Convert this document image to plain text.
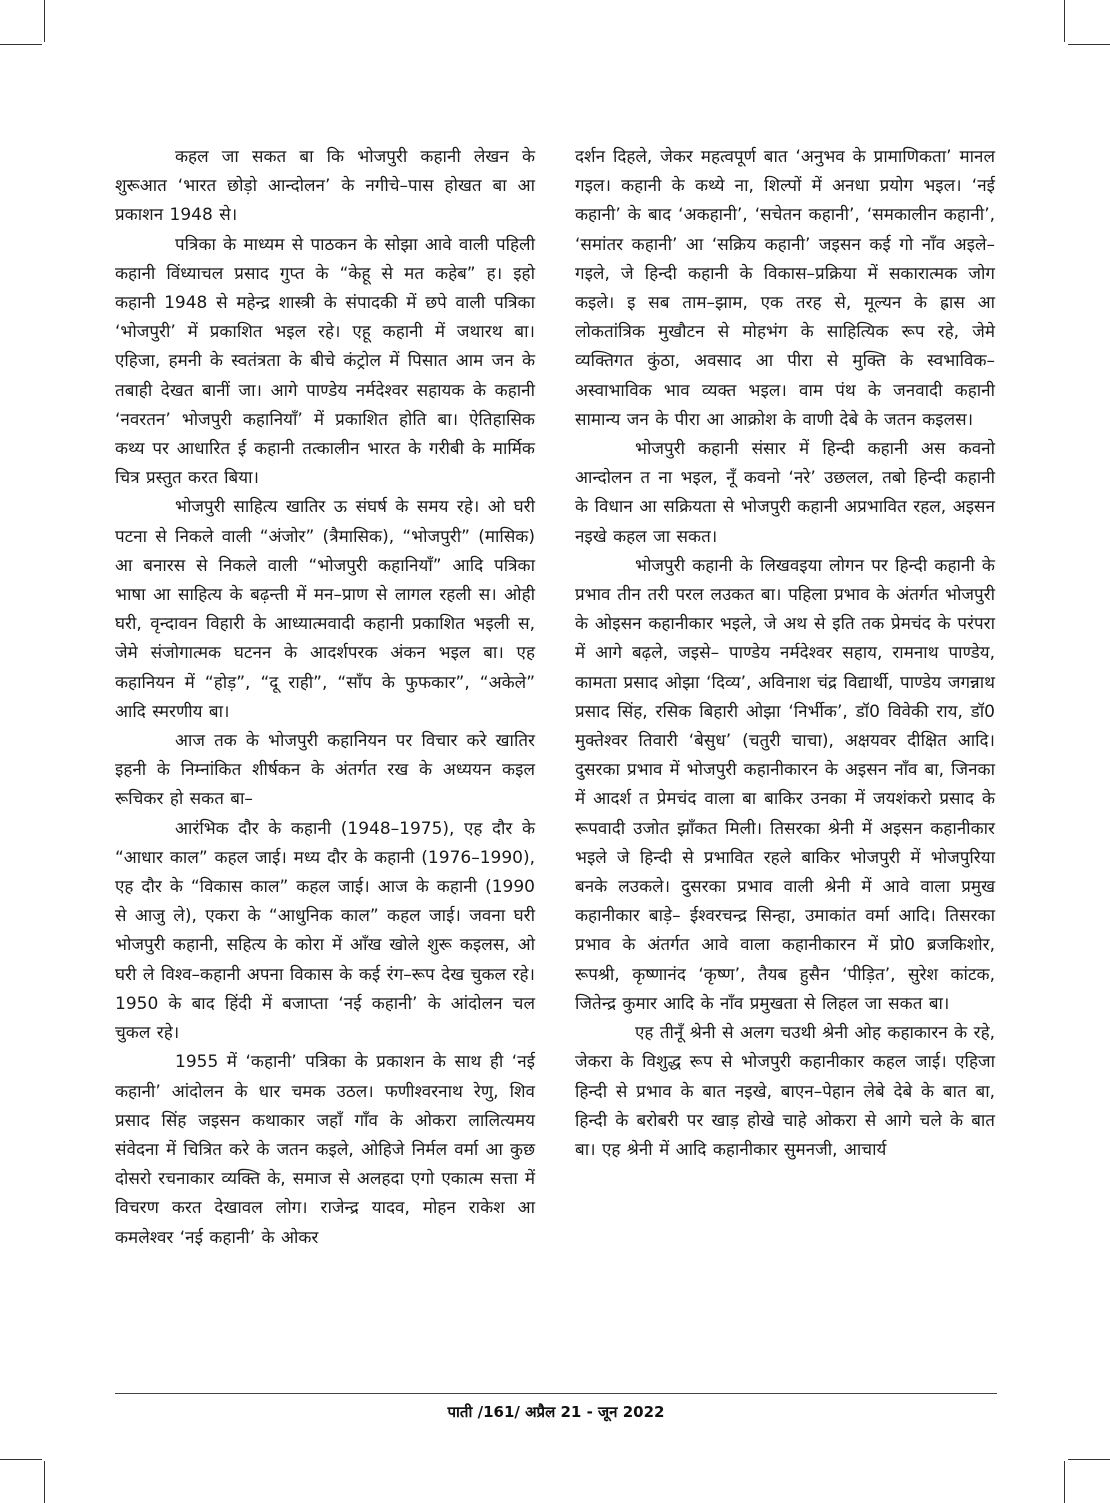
कहल जा सकत बा कि भोजपुरी कहानी लेखन के शुरूआत ‘भारत छोड़ो आन्दोलन’ के नगीचे–पास होखत बा आ प्रकाशन 1948 से।

पत्रिका के माध्यम से पाठकन के सोझा आवे वाली पहिली कहानी विंध्याचल प्रसाद गुप्त के “केहू से मत कहेब” ह। इहो कहानी 1948 से महेन्द्र शास्त्री के संपादकी में छपे वाली पत्रिका ‘भोजपुरी’ में प्रकाशित भइल रहे। एहू कहानी में जथारथ बा। एहिजा, हमनी के स्वतंत्रता के बीचे कंट्रोल में पिसात आम जन के तबाही देखत बानीं जा। आगे पाण्डेय नर्मदेश्वर सहायक के कहानी ‘नवरतन’ भोजपुरी कहानियाँ’ में प्रकाशित होति बा। ऐतिहासिक कथ्य पर आधारित ई कहानी तत्कालीन भारत के गरीबी के मार्मिक चित्र प्रस्तुत करत बिया।

भोजपुरी साहित्य खातिर ऊ संघर्ष के समय रहे। ओ घरी पटना से निकले वाली “अंजोर” (त्रैमासिक), “भोजपुरी” (मासिक) आ बनारस से निकले वाली “भोजपुरी कहानियाँ” आदि पत्रिका भाषा आ साहित्य के बढ़न्ती में मन–प्राण से लागल रहली स। ओही घरी, वृन्दावन विहारी के आध्यात्मवादी कहानी प्रकाशित भइली स, जेमे संजोगात्मक घटनन के आदर्शपरक अंकन भइल बा। एह कहानियन में “होड़”, “दू राही”, “साँप के फुफकार”, “अकेले” आदि स्मरणीय बा।

आज तक के भोजपुरी कहानियन पर विचार करे खातिर इहनी के निम्नांकित शीर्षकन के अंतर्गत रख के अध्ययन कइल रूचिकर हो सकत बा–

आरंभिक दौर के कहानी (1948–1975), एह दौर के “आधार काल” कहल जाई। मध्य दौर के कहानी (1976–1990), एह दौर के “विकास काल” कहल जाई। आज के कहानी (1990 से आजु ले), एकरा के “आधुनिक काल” कहल जाई। जवना घरी भोजपुरी कहानी, सहित्य के कोरा में आँख खोले शुरू कइलस, ओ घरी ले विश्व–कहानी अपना विकास के कई रंग–रूप देख चुकल रहे। 1950 के बाद हिंदी में बजाप्ता ‘नई कहानी’ के आंदोलन चल चुकल रहे।

1955 में ‘कहानी’ पत्रिका के प्रकाशन के साथ ही ‘नई कहानी’ आंदोलन के धार चमक उठल। फणीश्वरनाथ रेणु, शिव प्रसाद सिंह जइसन कथाकार जहाँ गाँव के ओकरा लालित्यमय संवेदना में चित्रित करे के जतन कइले, ओहिजे निर्मल वर्मा आ कुछ दोसरो रचनाकार व्यक्ति के, समाज से अलहदा एगो एकात्म सत्ता में विचरण करत देखावल लोग। राजेन्द्र यादव, मोहन राकेश आ कमलेश्वर ‘नई कहानी’ के ओकर

दर्शन दिहले, जेकर महत्वपूर्ण बात ‘अनुभव के प्रामाणिकता’ मानल गइल। कहानी के कथ्ये ना, शिल्पों में अनधा प्रयोग भइल। ‘नई कहानी’ के बाद ‘अकहानी’, ‘सचेतन कहानी’, ‘समकालीन कहानी’, ‘समांतर कहानी’ आ ‘सक्रिय कहानी’ जइसन कई गो नाँव अइले–गइले, जे हिन्दी कहानी के विकास–प्रक्रिया में सकारात्मक जोग कइले। इ सब ताम–झाम, एक तरह से, मूल्यन के ह्रास आ लोकतांत्रिक मुखौटन से मोहभंग के साहित्यिक रूप रहे, जेमे व्यक्तिगत कुंठा, अवसाद आ पीरा से मुक्ति के स्वभाविक–अस्वाभाविक भाव व्यक्त भइल। वाम पंथ के जनवादी कहानी सामान्य जन के पीरा आ आक्रोश के वाणी देबे के जतन कइलस।

भोजपुरी कहानी संसार में हिन्दी कहानी अस कवनो आन्दोलन त ना भइल, नूँ कवनो ‘नरे’ उछलल, तबो हिन्दी कहानी के विधान आ सक्रियता से भोजपुरी कहानी अप्रभावित रहल, अइसन नइखे कहल जा सकत।

भोजपुरी कहानी के लिखवइया लोगन पर हिन्दी कहानी के प्रभाव तीन तरी परल लउकत बा। पहिला प्रभाव के अंतर्गत भोजपुरी के ओइसन कहानीकार भइले, जे अथ से इति तक प्रेमचंद के परंपरा में आगे बढ़ले, जइसे– पाण्डेय नर्मदेश्वर सहाय, रामनाथ पाण्डेय, कामता प्रसाद ओझा ‘दिव्य’, अविनाश चंद्र विद्यार्थी, पाण्डेय जगन्नाथ प्रसाद सिंह, रसिक बिहारी ओझा ‘निर्भीक’, डॉ0 विवेकी राय, डॉ0 मुक्तेश्वर तिवारी ‘बेसुध’ (चतुरी चाचा), अक्षयवर दीक्षित आदि। दुसरका प्रभाव में भोजपुरी कहानीकारन के अइसन नाँव बा, जिनका में आदर्श त प्रेमचंद वाला बा बाकिर उनका में जयशंकरो प्रसाद के रूपवादी उजोत झाँकत मिली। तिसरका श्रेनी में अइसन कहानीकार भइले जे हिन्दी से प्रभावित रहले बाकिर भोजपुरी में भोजपुरिया बनके लउकले। दुसरका प्रभाव वाली श्रेनी में आवे वाला प्रमुख कहानीकार बाड़े– ईश्वरचन्द्र सिन्हा, उमाकांत वर्मा आदि। तिसरका प्रभाव के अंतर्गत आवे वाला कहानीकारन में प्रो0 ब्रजकिशोर, रूपश्री, कृष्णानंद ‘कृष्ण’, तैयब हुसैन ‘पीड़ित’, सुरेश कांटक, जितेन्द्र कुमार आदि के नाँव प्रमुखता से लिहल जा सकत बा।

एह तीनूँ श्रेनी से अलग चउथी श्रेनी ओह कहाकारन के रहे, जेकरा के विशुद्ध रूप से भोजपुरी कहानीकार कहल जाई। एहिजा हिन्दी से प्रभाव के बात नइखे, बाएन–पेहान लेबे देबे के बात बा, हिन्दी के बरोबरी पर खाड़ होखे चाहे ओकरा से आगे चले के बात बा। एह श्रेनी में आदि कहानीकार सुमनजी, आचार्य

पाती /161/ अप्रैल 21 - जून 2022
